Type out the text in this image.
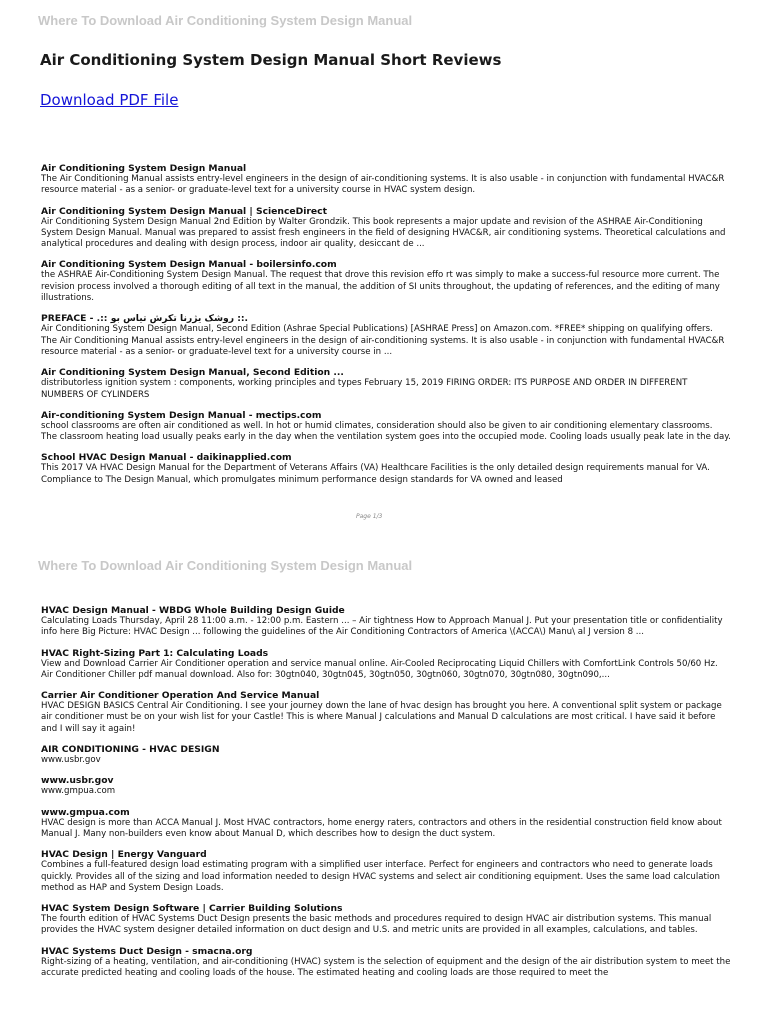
Where To Download Air Conditioning System Design Manual
Air Conditioning System Design Manual Short Reviews
Download PDF File

Air Conditioning System Design Manual

The Air Conditioning Manual assists entry-level engineers in the design of air-conditioning systems. It is also usable - in conjunction with fundamental HVAC&R resource material - as a senior- or graduate-level text for a university course in HVAC system design.

Air Conditioning System Design Manual | ScienceDirect

Air Conditioning System Design Manual 2nd Edition by Walter Grondzik. This book represents a major update and revision of the ASHRAE Air-Conditioning System Design Manual. Manual was prepared to assist fresh engineers in the field of designing HVAC&R, air conditioning systems. Theoretical calculations and analytical procedures and dealing with design process, indoor air quality, desiccant de ...

Air Conditioning System Design Manual - boilersinfo.com

the ASHRAE Air-Conditioning System Design Manual. The request that drove this revision effo rt was simply to make a success-ful resource more current. The revision process involved a thorough editing of all text in the manual, the addition of SI units throughout, the updating of references, and the editing of many illustrations.

PREFACE - .:: روشک یژرنا تکرش تیاس بو ::.

Air Conditioning System Design Manual, Second Edition (Ashrae Special Publications) [ASHRAE Press] on Amazon.com. *FREE* shipping on qualifying offers. The Air Conditioning Manual assists entry-level engineers in the design of air-conditioning systems. It is also usable - in conjunction with fundamental HVAC&R resource material - as a senior- or graduate-level text for a university course in ...

Air Conditioning System Design Manual, Second Edition ...

distributorless ignition system : components, working principles and types February 15, 2019 FIRING ORDER: ITS PURPOSE AND ORDER IN DIFFERENT NUMBERS OF CYLINDERS

Air-conditioning System Design Manual - mectips.com

school classrooms are often air conditioned as well. In hot or humid climates, consideration should also be given to air conditioning elementary classrooms. The classroom heating load usually peaks early in the day when the ventilation system goes into the occupied mode. Cooling loads usually peak late in the day.

School HVAC Design Manual - daikinapplied.com

This 2017 VA HVAC Design Manual for the Department of Veterans Affairs (VA) Healthcare Facilities is the only detailed design requirements manual for VA. Compliance to The Design Manual, which promulgates minimum performance design standards for VA owned and leased

Page 1/3
Where To Download Air Conditioning System Design Manual

HVAC Design Manual - WBDG Whole Building Design Guide

Calculating Loads Thursday, April 28 11:00 a.m. - 12:00 p.m. Eastern ... – Air tightness How to Approach Manual J. Put your presentation title or confidentiality info here Big Picture: HVAC Design ... following the guidelines of the Air Conditioning Contractors of America \(ACCA\) Manu\ al J version 8 ...

HVAC Right-Sizing Part 1: Calculating Loads

View and Download Carrier Air Conditioner operation and service manual online. Air-Cooled Reciprocating Liquid Chillers with ComfortLink Controls 50/60 Hz. Air Conditioner Chiller pdf manual download. Also for: 30gtn040, 30gtn045, 30gtn050, 30gtn060, 30gtn070, 30gtn080, 30gtn090,...

Carrier Air Conditioner Operation And Service Manual

HVAC DESIGN BASICS Central Air Conditioning. I see your journey down the lane of hvac design has brought you here. A conventional split system or package air conditioner must be on your wish list for your Castle! This is where Manual J calculations and Manual D calculations are most critical. I have said it before and I will say it again!

AIR CONDITIONING - HVAC DESIGN

www.usbr.gov

www.usbr.gov

www.gmpua.com

www.gmpua.com

HVAC design is more than ACCA Manual J. Most HVAC contractors, home energy raters, contractors and others in the residential construction field know about Manual J. Many non-builders even know about Manual D, which describes how to design the duct system.

HVAC Design | Energy Vanguard

Combines a full-featured design load estimating program with a simplified user interface. Perfect for engineers and contractors who need to generate loads quickly. Provides all of the sizing and load information needed to design HVAC systems and select air conditioning equipment. Uses the same load calculation method as HAP and System Design Loads.

HVAC System Design Software | Carrier Building Solutions

The fourth edition of HVAC Systems Duct Design presents the basic methods and procedures required to design HVAC air distribution systems. This manual provides the HVAC system designer detailed information on duct design and U.S. and metric units are provided in all examples, calculations, and tables.

HVAC Systems Duct Design - smacna.org

Right-sizing of a heating, ventilation, and air-conditioning (HVAC) system is the selection of equipment and the design of the air distribution system to meet the accurate predicted heating and cooling loads of the house. The estimated heating and cooling loads are those required to meet the
